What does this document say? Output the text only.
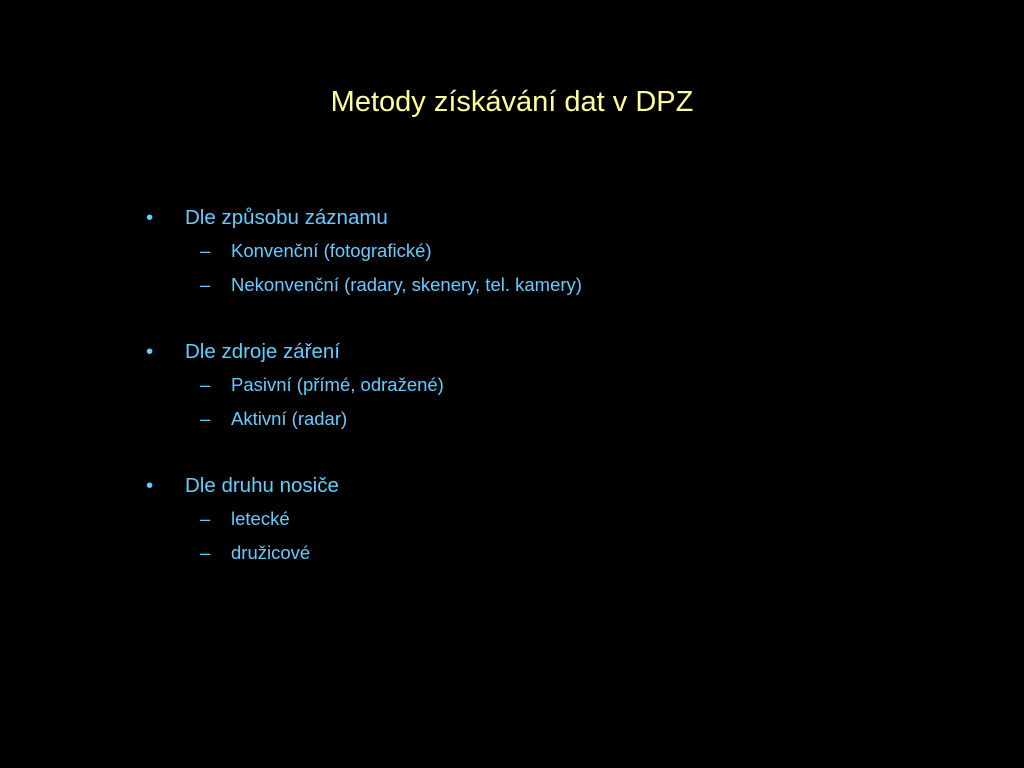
Metody získávání dat v DPZ
• Dle způsobu záznamu
– Konvenční (fotografické)
– Nekonvenční (radary, skenery, tel. kamery)
• Dle zdroje záření
– Pasivní (přímé, odražené)
– Aktivní (radar)
• Dle druhu nosiče
– letecké
– družicové
